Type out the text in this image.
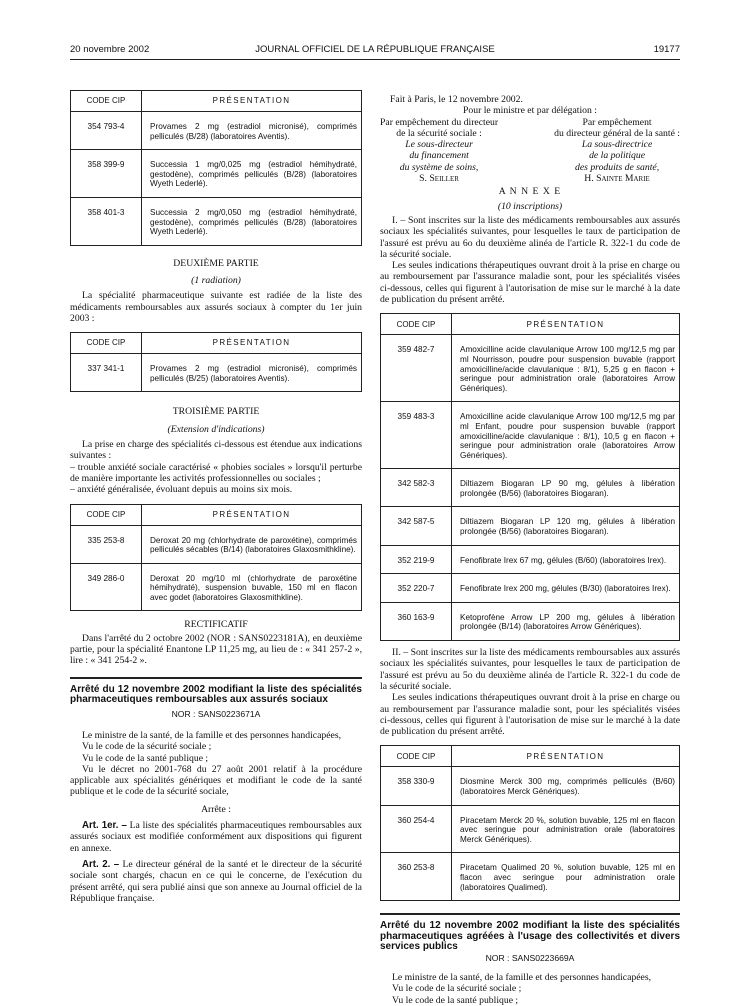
20 novembre 2002	JOURNAL OFFICIEL DE LA RÉPUBLIQUE FRANÇAISE	19177
CODE CIP	PRÉSENTATION
354 793-4	Provames 2 mg (estradiol micronisé), comprimés pelliculés (B/28) (laboratoires Aventis).
358 399-9	Successia 1 mg/0,025 mg (estradiol hémihydraté, gestodène), comprimés pelliculés (B/28) (laboratoires Wyeth Lederlé).
358 401-3	Successia 2 mg/0,050 mg (estradiol hémihydraté, gestodène), comprimés pelliculés (B/28) (laboratoires Wyeth Lederlé).

DEUXIÈME PARTIE

(1 radiation)

La spécialité pharmaceutique suivante est radiée de la liste des médicaments remboursables aux assurés sociaux à compter du 1er juin 2003 :

CODE CIP	PRÉSENTATION
337 341-1	Provames 2 mg (estradiol micronisé), comprimés pelliculés (B/25) (laboratoires Aventis).

TROISIÈME PARTIE

(Extension d'indications)

La prise en charge des spécialités ci-dessous est étendue aux indications suivantes :

– trouble anxiété sociale caractérisé « phobies sociales » lorsqu'il perturbe de manière importante les activités professionnelles ou sociales ;

– anxiété généralisée, évoluant depuis au moins six mois.

CODE CIP	PRÉSENTATION
335 253-8	Deroxat 20 mg (chlorhydrate de paroxétine), comprimés pelliculés sécables (B/14) (laboratoires Glaxosmithkline).
349 286-0	Deroxat 20 mg/10 ml (chlorhydrate de paroxétine hémihydraté), suspension buvable, 150 ml en flacon avec godet (laboratoires Glaxosmithkline).

RECTIFICATIF

Dans l'arrêté du 2 octobre 2002 (NOR : SANS0223181A), en deuxième partie, pour la spécialité Enantone LP 11,25 mg, au lieu de : « 341 257-2 », lire : « 341 254-2 ».

Arrêté du 12 novembre 2002 modifiant la liste des spécialités pharmaceutiques remboursables aux assurés sociaux

NOR : SANS0223671A

Le ministre de la santé, de la famille et des personnes handicapées,

Vu le code de la sécurité sociale ;

Vu le code de la santé publique ;

Vu le décret no 2001-768 du 27 août 2001 relatif à la procédure applicable aux spécialités génériques et modifiant le code de la santé publique et le code de la sécurité sociale,

Arrête :

Art. 1er. – La liste des spécialités pharmaceutiques remboursables aux assurés sociaux est modifiée conformément aux dispositions qui figurent en annexe.

Art. 2. – Le directeur général de la santé et le directeur de la sécurité sociale sont chargés, chacun en ce qui le concerne, de l'exécution du présent arrêté, qui sera publié ainsi que son annexe au Journal officiel de la République française.

Fait à Paris, le 12 novembre 2002.

Pour le ministre et par délégation :

Par empêchement du directeur

de la sécurité sociale :

Le sous-directeur

du financement

du système de soins,

S. Seiller

Par empêchement

du directeur général de la santé :

La sous-directrice

de la politique

des produits de santé,

H. Sainte Marie

A N N E X E

(10 inscriptions)

I. – Sont inscrites sur la liste des médicaments remboursables aux assurés sociaux les spécialités suivantes, pour lesquelles le taux de participation de l'assuré est prévu au 6o du deuxième alinéa de l'article R. 322-1 du code de la sécurité sociale.

Les seules indications thérapeutiques ouvrant droit à la prise en charge ou au remboursement par l'assurance maladie sont, pour les spécialités visées ci-dessous, celles qui figurent à l'autorisation de mise sur le marché à la date de publication du présent arrêté.

CODE CIP	PRÉSENTATION
359 482-7	Amoxicilline acide clavulanique Arrow 100 mg/12,5 mg par ml Nourrisson, poudre pour suspension buvable (rapport amoxicilline/acide clavulanique : 8/1), 5,25 g en flacon + seringue pour administration orale (laboratoires Arrow Génériques).
359 483-3	Amoxicilline acide clavulanique Arrow 100 mg/12,5 mg par ml Enfant, poudre pour suspension buvable (rapport amoxicilline/acide clavulanique : 8/1), 10,5 g en flacon + seringue pour administration orale (laboratoires Arrow Génériques).
342 582-3	Diltiazem Biogaran LP 90 mg, gélules à libération prolongée (B/56) (laboratoires Biogaran).
342 587-5	Diltiazem Biogaran LP 120 mg, gélules à libération prolongée (B/56) (laboratoires Biogaran).
352 219-9	Fenofibrate Irex 67 mg, gélules (B/60) (laboratoires Irex).
352 220-7	Fenofibrate Irex 200 mg, gélules (B/30) (laboratoires Irex).
360 163-9	Ketoprofène Arrow LP 200 mg, gélules à libération prolongée (B/14) (laboratoires Arrow Génériques).

II. – Sont inscrites sur la liste des médicaments remboursables aux assurés sociaux les spécialités suivantes, pour lesquelles le taux de participation de l'assuré est prévu au 5o du deuxième alinéa de l'article R. 322-1 du code de la sécurité sociale.

Les seules indications thérapeutiques ouvrant droit à la prise en charge ou au remboursement par l'assurance maladie sont, pour les spécialités visées ci-dessous, celles qui figurent à l'autorisation de mise sur le marché à la date de publication du présent arrêté.

CODE CIP	PRÉSENTATION
358 330-9	Diosmine Merck 300 mg, comprimés pelliculés (B/60) (laboratoires Merck Génériques).
360 254-4	Piracetam Merck 20 %, solution buvable, 125 ml en flacon avec seringue pour administration orale (laboratoires Merck Génériques).
360 253-8	Piracetam Qualimed 20 %, solution buvable, 125 ml en flacon avec seringue pour administration orale (laboratoires Qualimed).
Arrêté du 12 novembre 2002 modifiant la liste des spécialités pharmaceutiques agréées à l'usage des collectivités et divers services publics

NOR : SANS0223669A

Le ministre de la santé, de la famille et des personnes handicapées,

Vu le code de la sécurité sociale ;

Vu le code de la santé publique ;
